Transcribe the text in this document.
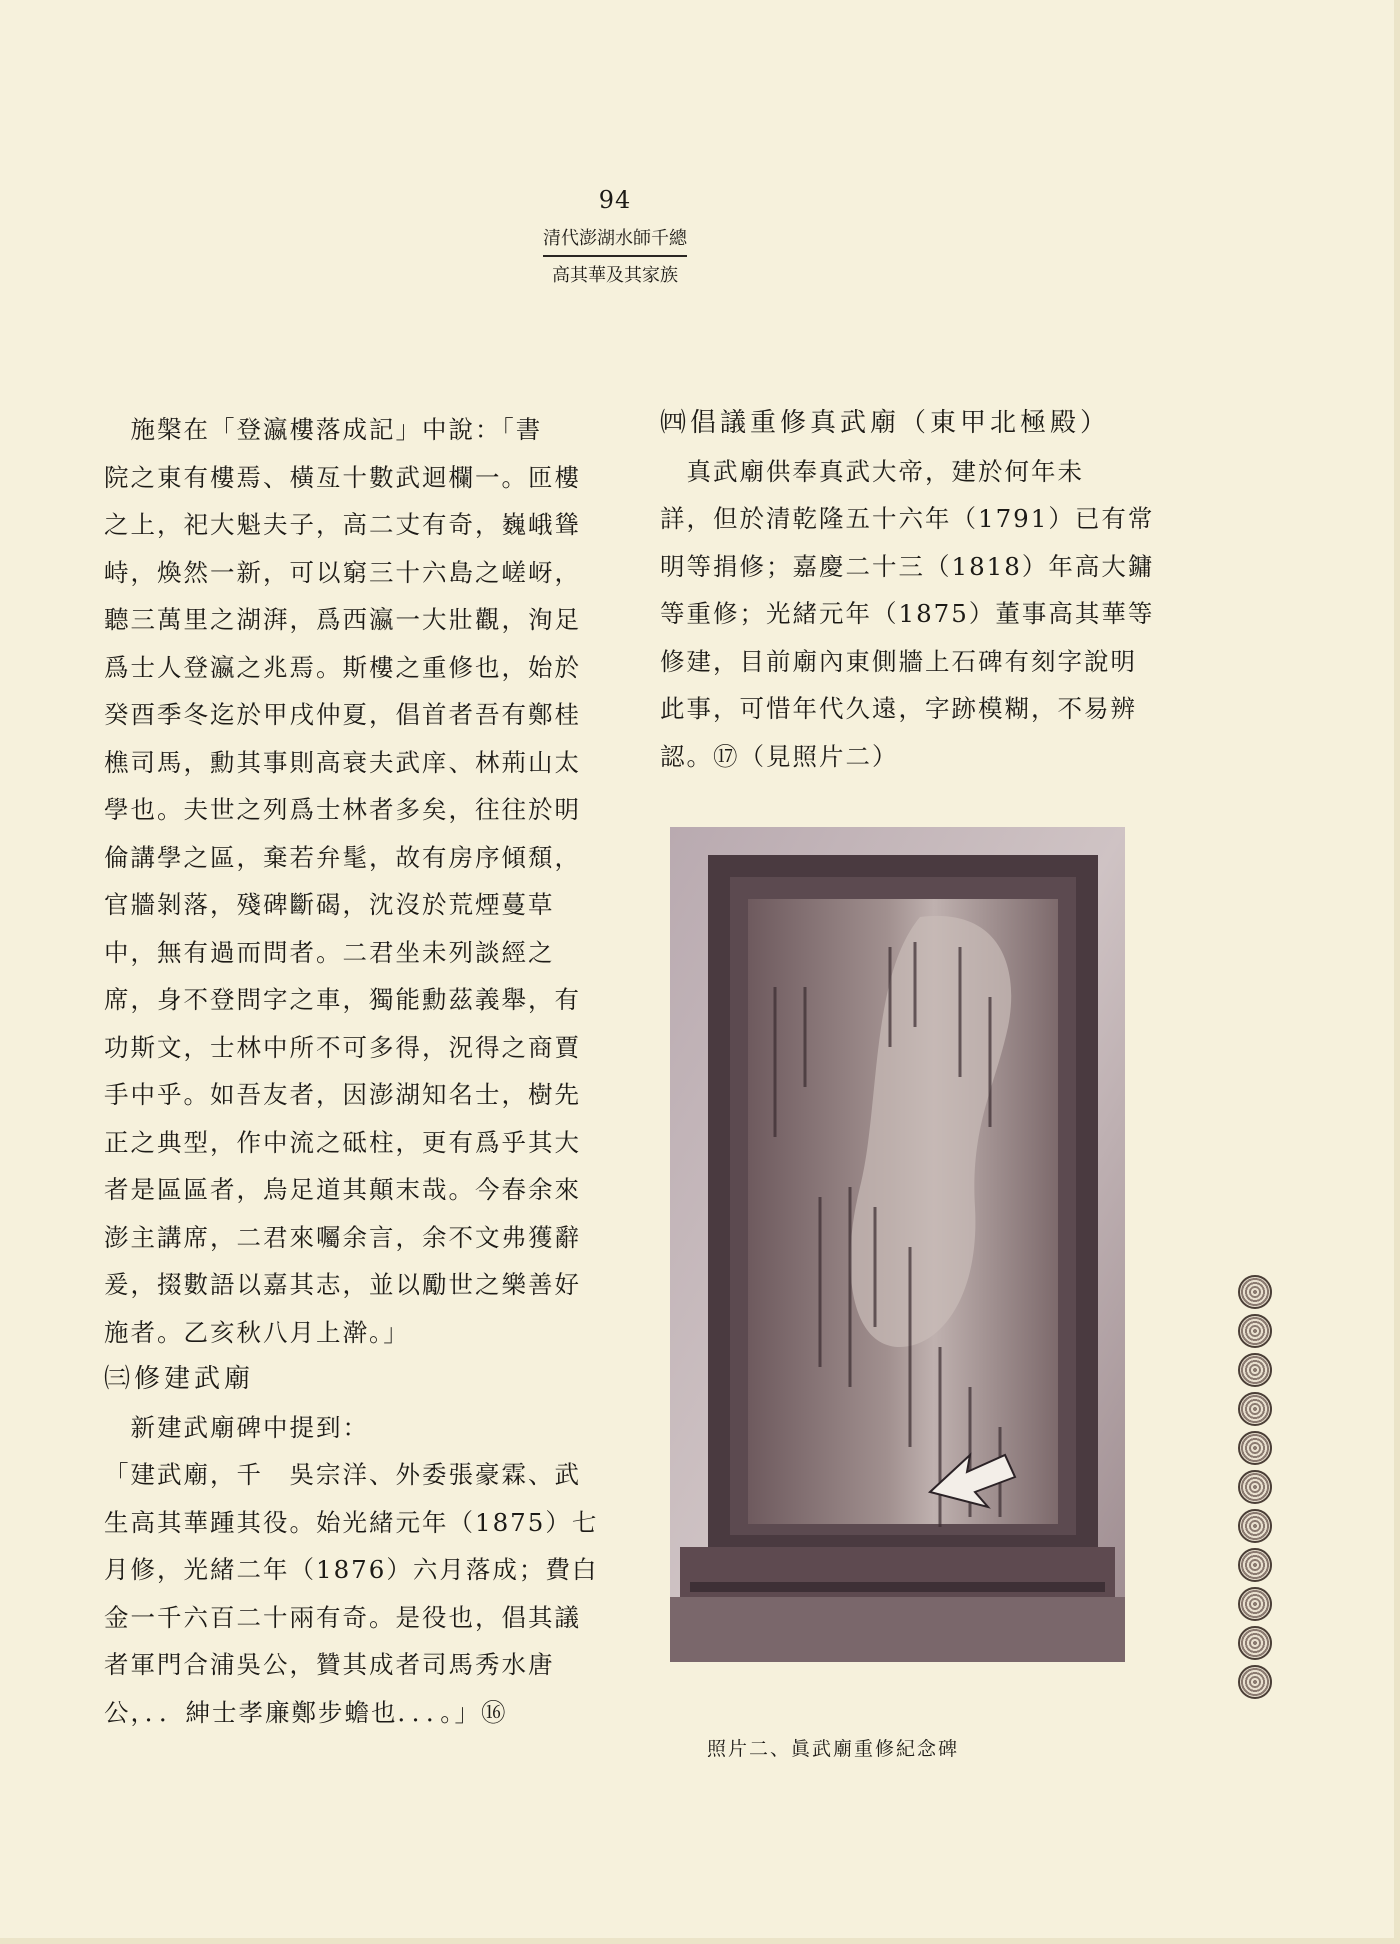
94
清代澎湖水師千總
高其華及其家族

　施槃在「登瀛樓落成記」中說：「書

院之東有樓焉、橫亙十數武迴欄一。匝樓

之上，祀大魁夫子，高二丈有奇，巍峨聳

峙，煥然一新，可以窮三十六島之嵯岈，

聽三萬里之湖湃，爲西瀛一大壯觀，洵足

爲士人登瀛之兆焉。斯樓之重修也，始於

癸酉季冬迄於甲戌仲夏，倡首者吾有鄭桂

樵司馬，勳其事則高衰夫武庠、林荊山太

學也。夫世之列爲士林者多矣，往往於明

倫講學之區，棄若弁髦，故有房序傾頹，

官牆剝落，殘碑斷碣，沈沒於荒煙蔓草

中，無有過而問者。二君坐未列談經之

席，身不登問字之車，獨能勳茲義舉，有

功斯文，士林中所不可多得，況得之商賈

手中乎。如吾友者，因澎湖知名士，樹先

正之典型，作中流之砥柱，更有爲乎其大

者是區區者，烏足道其顛末哉。今春余來

澎主講席，二君來囑余言，余不文弗獲辭

爰，掇數語以嘉其志，並以勵世之樂善好

施者。乙亥秋八月上澣。」

㈢修建武廟

　新建武廟碑中提到：

「建武廟，千　吳宗洋、外委張豪霖、武

生高其華踵其役。始光緒元年（1875）七

月修，光緒二年（1876）六月落成；費白

金一千六百二十兩有奇。是役也，倡其議

者軍門合浦吳公，贊其成者司馬秀水唐

公，．．紳士孝廉鄭步蟾也．．．。」⑯

㈣倡議重修真武廟（東甲北極殿）

　真武廟供奉真武大帝，建於何年未

詳，但於清乾隆五十六年（1791）已有常

明等捐修；嘉慶二十三（1818）年高大鏞

等重修；光緒元年（1875）董事高其華等

修建，目前廟內東側牆上石碑有刻字說明

此事，可惜年代久遠，字跡模糊，不易辨

認。⑰（見照片二）

照片二、眞武廟重修紀念碑
